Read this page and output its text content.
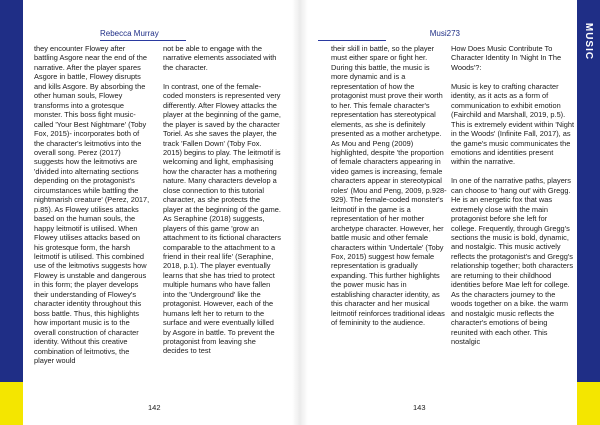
MUSIC
Rebecca Murray	Musi273

they encounter Flowey after battling Asgore near the end of the narrative. After the player spares Asgore in battle, Flowey disrupts and kills Asgore. By absorbing the other human souls, Flowey transforms into a grotesque monster. This boss fight music- called 'Your Best Nightmare' (Toby Fox, 2015)- incorporates both of the character's leitmotivs into the overall song. Perez (2017) suggests how the leitmotivs are 'divided into alternating sections depending on the protagonist's circumstances while battling the nightmarish creature' (Perez, 2017, p.85). As Flowey utilises attacks based on the human souls, the happy leitmotif is utilised. When Flowey utilises attacks based on his grotesque form, the harsh leitmotif is utilised. This combined use of the leitmotivs suggests how Flowey is unstable and dangerous in this form; the player develops their understanding of Flowey's character identity throughout this boss battle. Thus, this highlights how important music is to the overall construction of character identity. Without this creative combination of leitmotivs, the player would

not be able to engage with the narrative elements associated with the character.

In contrast, one of the female-coded monsters is represented very differently. After Flowey attacks the player at the beginning of the game, the player is saved by the character Toriel. As she saves the player, the track 'Fallen Down' (Toby Fox. 2015) begins to play. The leitmotif is welcoming and light, emphasising how the character has a mothering nature. Many characters develop a close connection to this tutorial character, as she protects the player at the beginning of the game. As Seraphine (2018) suggests, players of this game 'grow an attachment to its fictional characters comparable to the attachment to a friend in their real life' (Seraphine, 2018, p.1). The player eventually learns that she has tried to protect multiple humans who have fallen into the 'Underground' like the protagonist. However, each of the humans left her to return to the surface and were eventually killed by Asgore in battle. To prevent the protagonist from leaving she decides to test

their skill in battle, so the player must either spare or fight her. During this battle, the music is more dynamic and is a representation of how the protagonist must prove their worth to her. This female character's representation has stereotypical elements, as she is definitely presented as a mother archetype. As Mou and Peng (2009) highlighted, despite 'the proportion of female characters appearing in video games is increasing, female characters appear in stereotypical roles' (Mou and Peng, 2009, p.928-929). The female-coded monster's leitmotif in the game is a representation of her mother archetype character. However, her battle music and other female characters within 'Undertale' (Toby Fox, 2015) suggest how female representation is gradually expanding. This further highlights the power music has in establishing character identity, as this character and her musical leitmotif reinforces traditional ideas of femininity to the audience.

How Does Music Contribute To Character Identity In 'Night In The Woods'?:

Music is key to crafting character identity, as it acts as a form of communication to exhibit emotion (Fairchild and Marshall, 2019, p.5). This is extremely evident within 'Night in the Woods' (Infinite Fall, 2017), as the game's music communicates the emotions and identities present within the narrative.

In one of the narrative paths, players can choose to 'hang out' with Gregg. He is an energetic fox that was extremely close with the main protagonist before she left for college. Frequently, through Gregg's sections the music is bold, dynamic, and nostalgic. This music actively reflects the protagonist's and Gregg's relationship together; both characters are returning to their childhood identities before Mae left for college. As the characters journey to the woods together on a bike. the warm and nostalgic music reflects the character's emotions of being reunited with each other. This nostalgic

142	143
